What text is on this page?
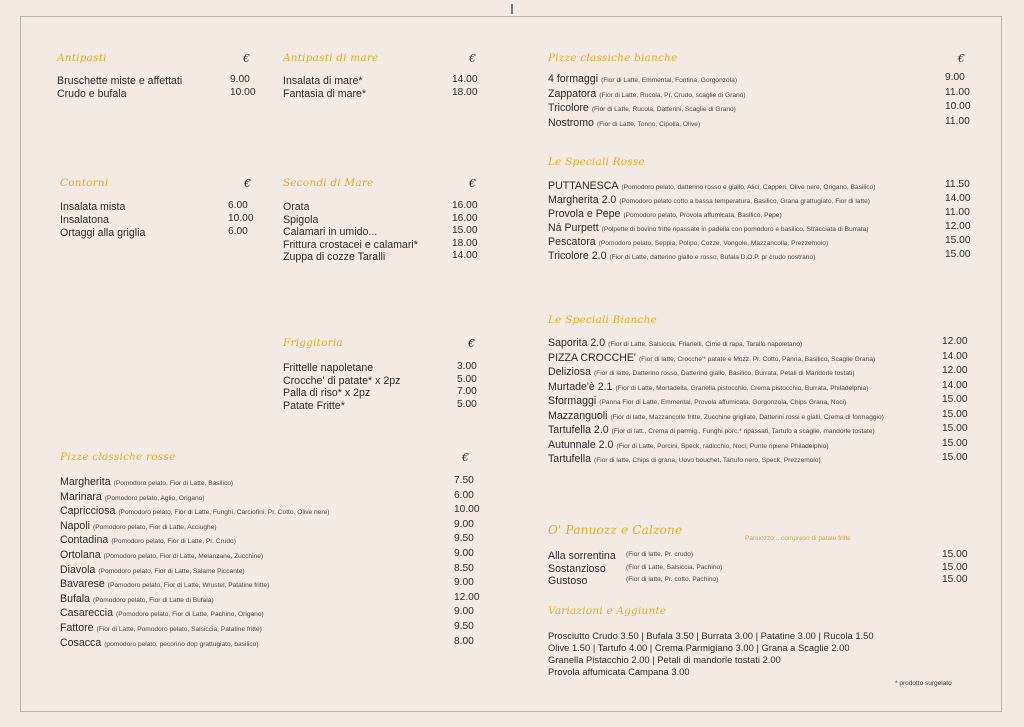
Antipasti	€
Bruschette miste e affettati	9.00
Crudo e bufala	10.00
Antipasti di mare	€
Insalata di mare*	14.00
Fantasia di mare*	18.00
Contorni	€
Insalata mista	6.00
Insalatona	10.00
Ortaggi alla griglia	6.00
Secondi di Mare	€
Orata	16.00
Spigola	16.00
Calamari in umido...	15.00
Frittura crostacei e calamari*	18.00
Zuppa di cozze Taralli	14.00
Friggitoria	€
Frittelle napoletane	3.00
Crocche' di patate* x 2pz	5.00
Palla di riso* x 2pz	7.00
Patate Fritte*	5.00
Pizze classiche rosse	€
Margherita (Pomodoro pelato, Fior di Latte, Basilico)	7.50
Marinara (Pomodoro pelato, Aglio, Origano)	6.00
Capricciosa (Pomodoro pelato, Fior di Latte, Funghi, Carciofini, Pr. Cotto, Olive nere)	10.00
Napoli (Pomodoro pelato, Fior di Latte, Acciughe)	9.00
Contadina (Pomodoro pelato, Fior di Latte, Pr. Crudo)	9.50
Ortolana (Pomodoro pelato, Fior di Latte, Melanzane, Zucchine)	9.00
Diavola (Pomodoro pelato, Fior di Latte, Salame Piccante)	8.50
Bavarese (Pomodoro pelato, Fior di Latte, Wrustel, Patatine fritte)	9.00
Bufala (Pomodoro pelato, Fior di Latte di Bufala)	12.00
Casareccia (Pomodoro pelato, Fior di Latte, Pachino, Origano)	9.00
Fattore (Fior di Latte, Pomodoro pelato, Salsiccia, Patatine fritte)	9.50
Cosacca (pomodoro pelato, pecorino dop grattugiato, basilico)	8.00
Pizze classiche bianche	€
4 formaggi (Fior di Latte, Emmental, Fontina, Gorgonzola)	9.00
Zappatora (Fior di Latte, Rucola, Pr. Crudo, scaglie di Grano)	11.00
Tricolore (Fior di Latte, Rucola, Datterini, Scaglie di Grano)	10.00
Nostromo (Fior di Latte, Tonno, Cipolla, Olive)	11.00
Le Speciali Rosse
PUTTANESCA (Pomodoro pelato, datterino rosso e giallo, Alici, Capperi, Olive nere, Origano, Basilico)	11.50
Margherita 2.0 (Pomodoro pelato cotto a bassa temperatura, Basilico, Grana grattugiato, Fior di latte)	14.00
Provola e Pepe (Pomodoro pelato, Provola affumicata, Basilico, Pepe)	11.00
Ná Purpett (Polpette di bovino fritte ripassate in padella con pomodoro e basilico, Stracciata di Burrata)	12.00
Pescatora (Pomodoro pelato, Seppia, Polipo, Cozze, Vongole, Mazzancolla, Prezzemolo)	15.00
Tricolore 2.0 (Fior di Latte, datterino giallo e rosso, Bufala D.O.P. pr crudo nostrano)	15.00
Le Speciali Bianche
Saporita 2.0 (Fior di Latte, Salsiccia, Friarielli, Cime di rapa, Tarallo napoletano)	12.00
PIZZA CROCCHE' (Fior di latte, Crocche'* patate e Mozz. Pr. Cotto, Panna, Basilico, Scaglie Grana)	14.00
Deliziosa (Fior di latte, Datterino rosso, Datterino giallo, Basilico, Burrata, Petali di Mandorle tostati)	12.00
Murtade'è 2.1 (Fior di Latte, Mortadella, Granella pistocchio, Crema pistocchio, Burrata, Philadelphia)	14.00
Sformaggi (Panna Fior di Latte, Emmental, Provola affumicata, Gorgonzola, Chips Grana, Noci)	15.00
Mazzanguoli (Fior di latte, Mazzancolle fritte, Zucchine grigliate, Datterini rossi e gialli, Crema di formaggio)	15.00
Tartufella 2.0 (Fior di latt., Crema di parmig., Funghi porc.* ripassati, Tartufo a scaglie, mandorle tostate)	15.00
Autunnale 2.0 (Fior di Latte, Porcini, Speck, radicchio, Noci, Punte ripiene Philadelphio)	15.00
Tartufella (Fior di latte, Chips di grana, Uovo bouchet, Tartufo nero, Speck, Prezzemolo)	15.00
O' Panuozz e Calzone
Alla sorrentina (Fior di latte, Pr. crudo)	15.00
Sostanzioso	(Fior di Latte, Salsiccia, Pachino)	15.00
Gustoso	(Fior di latte, Pr. cotto, Pachino)	15.00
Panuozzo ...compreso di patate fritte
Variazioni e Aggiunte
Prosciutto Crudo 3.50 | Bufala 3.50 | Burrata 3.00 | Patatine 3.00 | Rucola 1.50
Olive 1.50 | Tartufo 4.00 | Crema Parmigiano 3.00 | Grana a Scaglie 2.00
Granella Pistacchio 2.00 | Petali di mandorle tostati 2.00
Provola affumicata Campana 3.00
* prodotto surgelato
